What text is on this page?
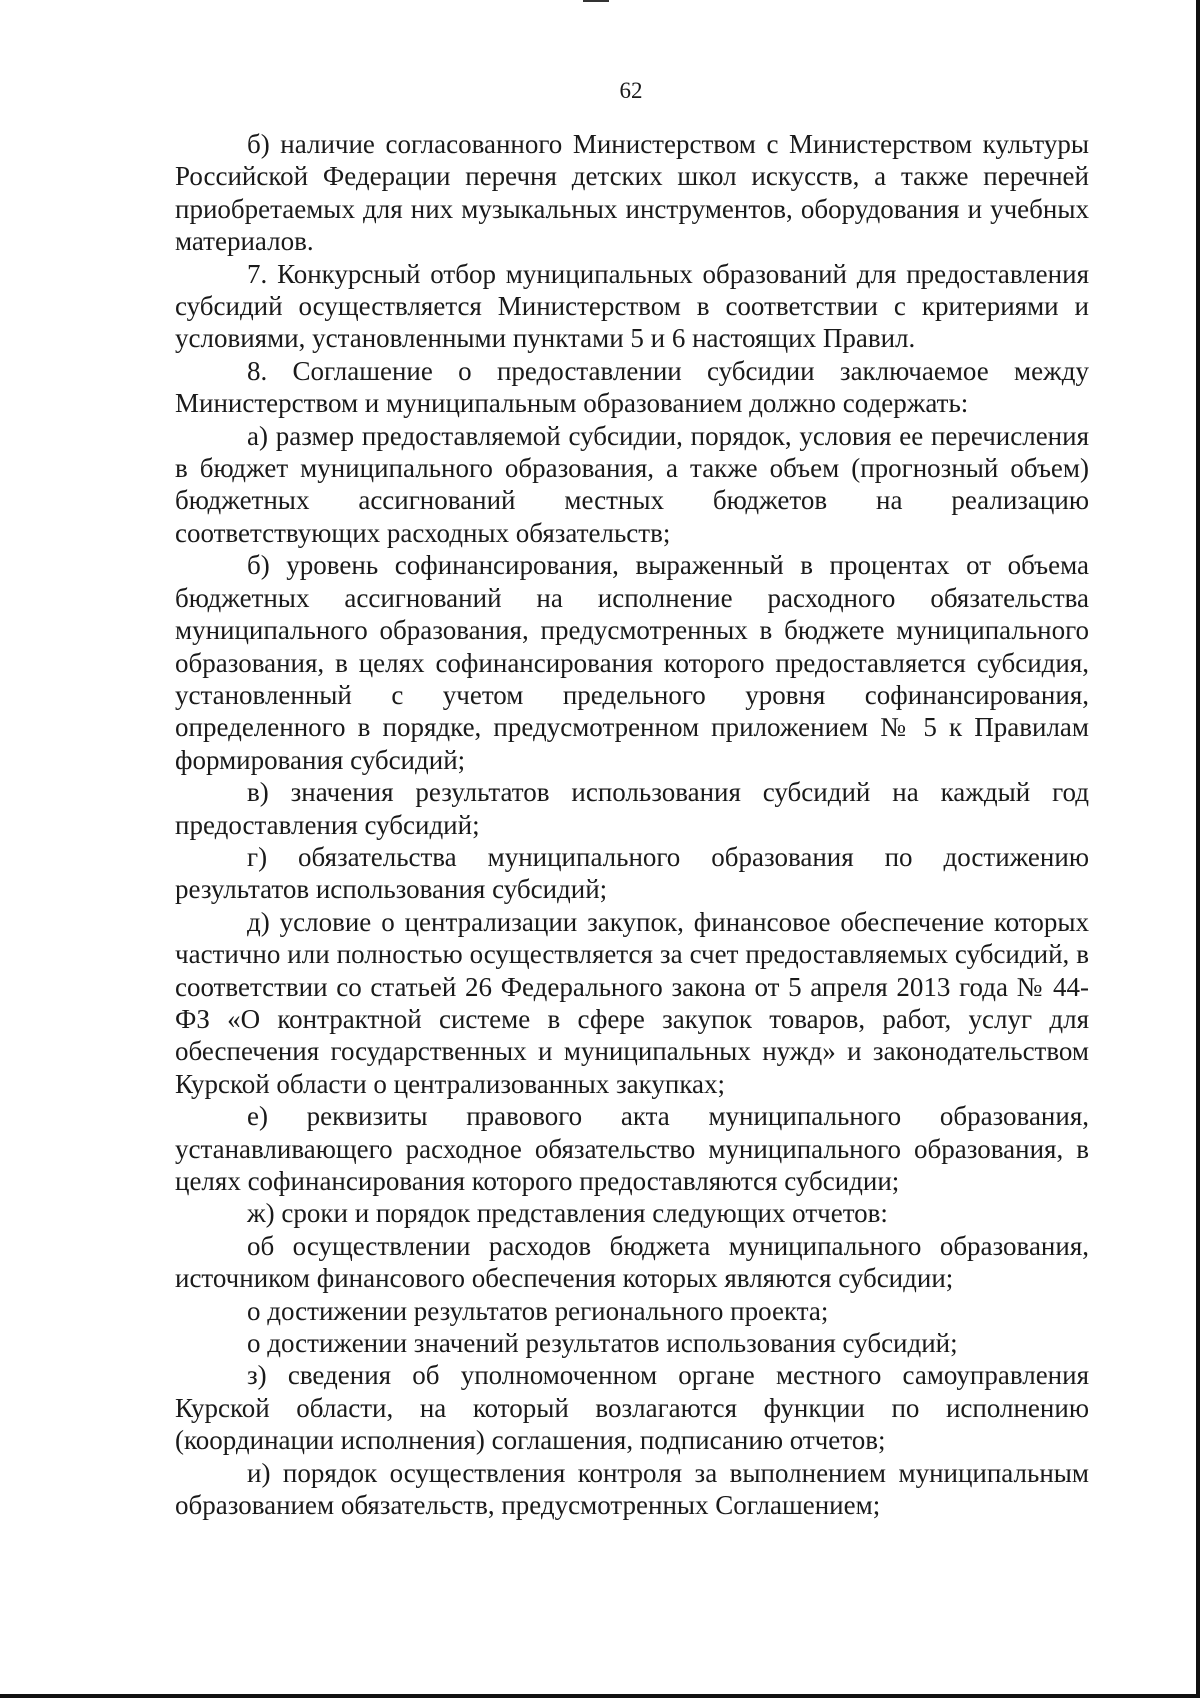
62

б) наличие согласованного Министерством с Министерством культуры Российской Федерации перечня детских школ искусств, а также перечней приобретаемых для них музыкальных инструментов, оборудования и учебных материалов.

7. Конкурсный отбор муниципальных образований для предоставления субсидий осуществляется Министерством в соответствии с критериями и условиями, установленными пунктами 5 и 6 настоящих Правил.

8. Соглашение о предоставлении субсидии заключаемое между Министерством и муниципальным образованием должно содержать:

а) размер предоставляемой субсидии, порядок, условия ее перечисления в бюджет муниципального образования, а также объем (прогнозный объем) бюджетных ассигнований местных бюджетов на реализацию соответствующих расходных обязательств;

б) уровень софинансирования, выраженный в процентах от объема бюджетных ассигнований на исполнение расходного обязательства муниципального образования, предусмотренных в бюджете муниципального образования, в целях софинансирования которого предоставляется субсидия, установленный с учетом предельного уровня софинансирования, определенного в порядке, предусмотренном приложением № 5 к Правилам формирования субсидий;

в) значения результатов использования субсидий на каждый год предоставления субсидий;

г) обязательства муниципального образования по достижению результатов использования субсидий;

д) условие о централизации закупок, финансовое обеспечение которых частично или полностью осуществляется за счет предоставляемых субсидий, в соответствии со статьей 26 Федерального закона от 5 апреля 2013 года № 44-ФЗ «О контрактной системе в сфере закупок товаров, работ, услуг для обеспечения государственных и муниципальных нужд» и законодательством Курской области о централизованных закупках;

е) реквизиты правового акта муниципального образования, устанавливающего расходное обязательство муниципального образования, в целях софинансирования которого предоставляются субсидии;

ж) сроки и порядок представления следующих отчетов:

об осуществлении расходов бюджета муниципального образования, источником финансового обеспечения которых являются субсидии;

о достижении результатов регионального проекта;

о достижении значений результатов использования субсидий;

з) сведения об уполномоченном органе местного самоуправления Курской области, на который возлагаются функции по исполнению (координации исполнения) соглашения, подписанию отчетов;

и) порядок осуществления контроля за выполнением муниципальным образованием обязательств, предусмотренных Соглашением;
